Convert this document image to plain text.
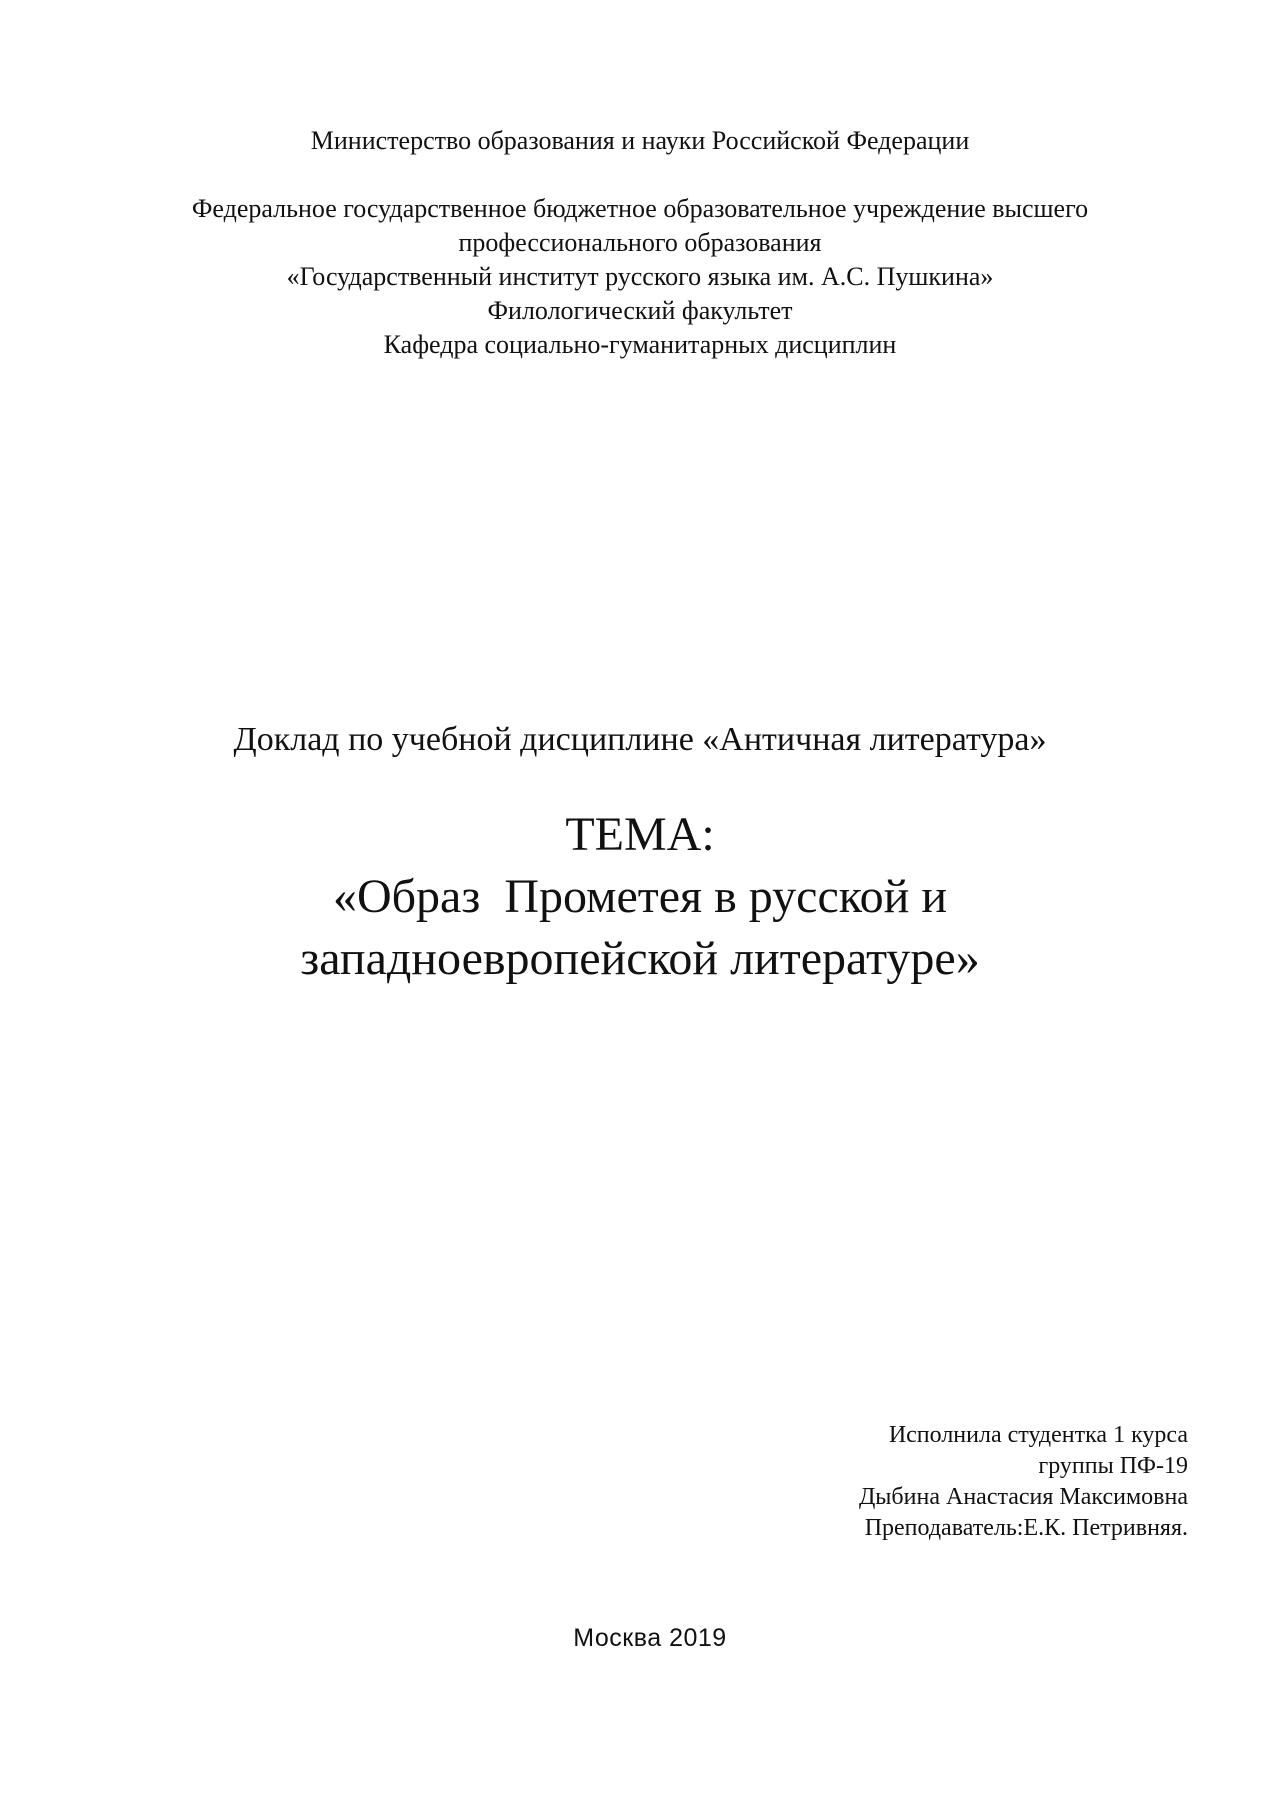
Министерство образования и науки Российской Федерации
Федеральное государственное бюджетное образовательное учреждение высшего
профессионального образования
«Государственный институт русского языка им. А.С. Пушкина»
Филологический факультет
Кафедра социально-гуманитарных дисциплин
Доклад по учебной дисциплине «Античная литература»
ТЕМА:
«Образ  Прометея в русской и
западноевропейской литературе»
Исполнила студентка 1 курса
группы ПФ-19
Дыбина Анастасия Максимовна
Преподаватель:Е.К. Петривняя.
Москва 2019
